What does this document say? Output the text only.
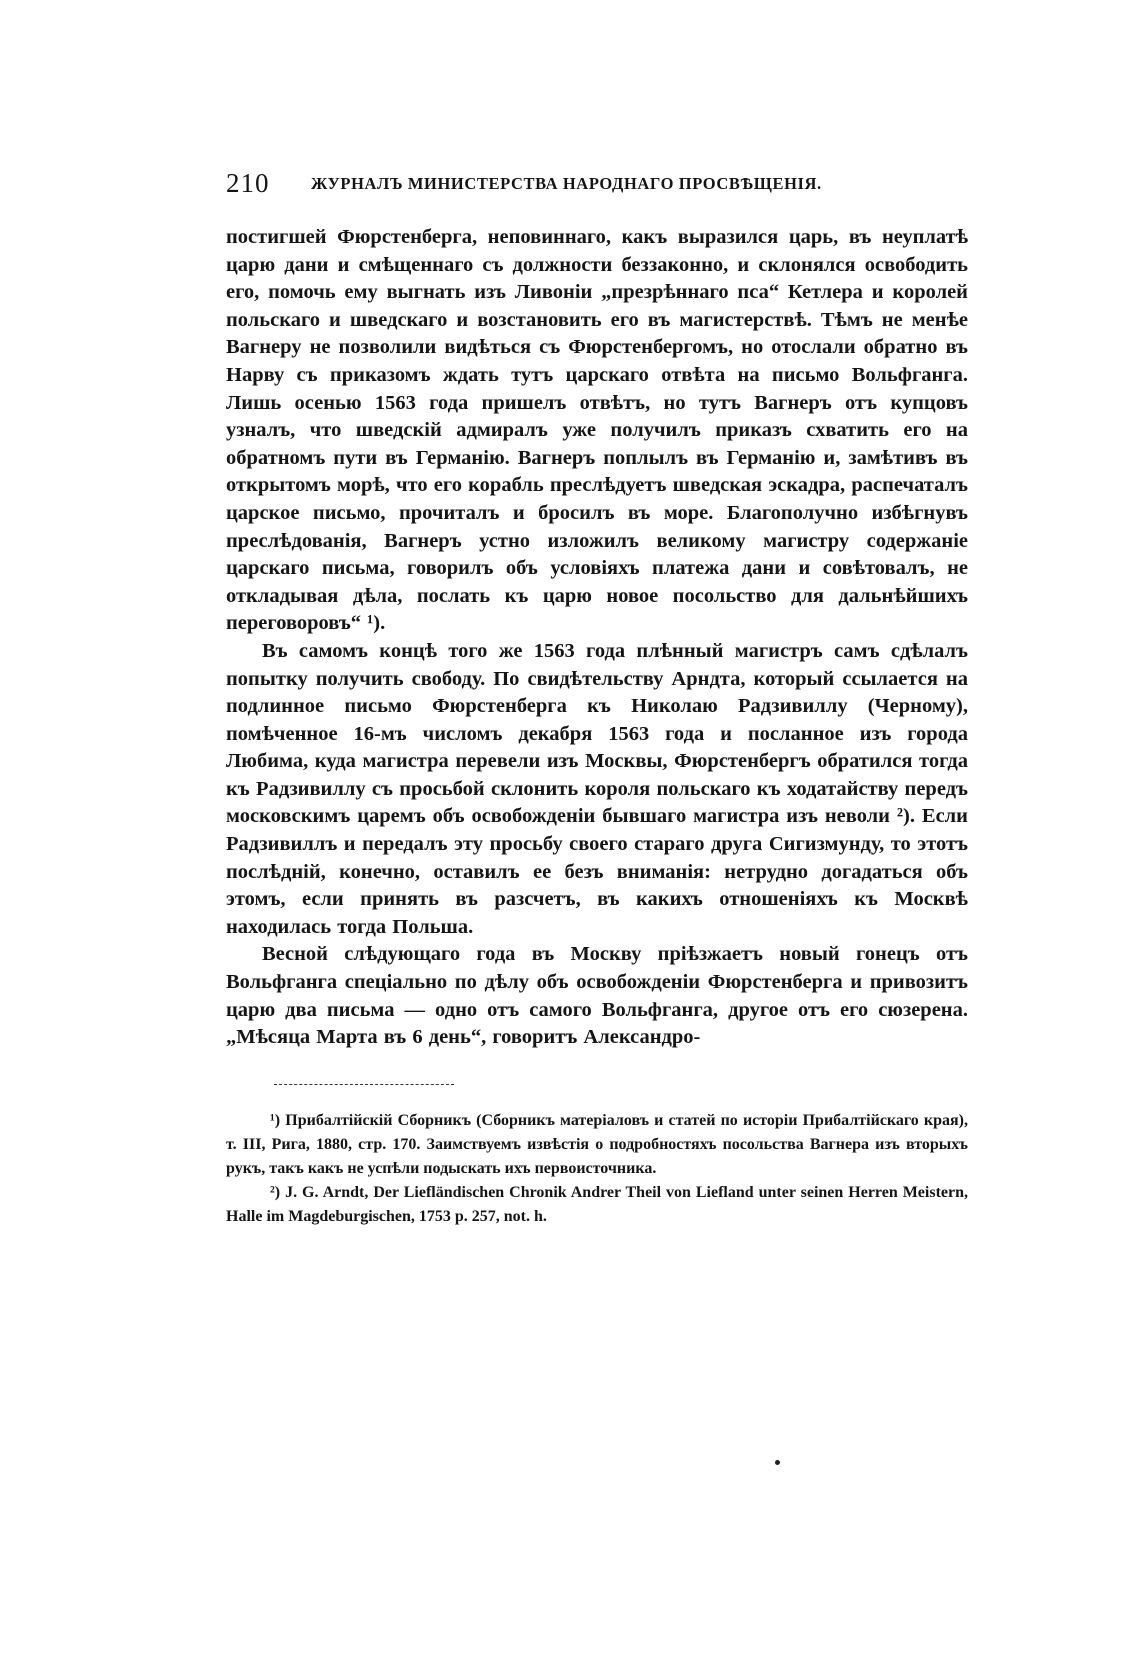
210	ЖУРНАЛЪ МИНИСТЕРСТВА НАРОДНАГО ПРОСВѢЩЕНІЯ.

постигшей Фюрстенберга, неповиннаго, какъ выразился царь, въ неуплатѣ царю дани и смѣщеннаго съ должности беззаконно, и склонялся освободить его, помочь ему выгнать изъ Ливоніи „презрѣннаго пса“ Кетлера и королей польскаго и шведскаго и возстановить его въ магистерствѣ. Тѣмъ не менѣе Вагнеру не позволили видѣться съ Фюрстенбергомъ, но отослали обратно въ Нарву съ приказомъ ждать тутъ царскаго отвѣта на письмо Вольфганга. Лишь осенью 1563 года пришелъ отвѣтъ, но тутъ Вагнеръ отъ купцовъ узналъ, что шведскій адмиралъ уже получилъ приказъ схватить его на обратномъ пути въ Германію. Вагнеръ поплылъ въ Германію и, замѣтивъ въ открытомъ морѣ, что его корабль преслѣдуетъ шведская эскадра, распечаталъ царское письмо, прочиталъ и бросилъ въ море. Благополучно избѣгнувъ преслѣдованія, Вагнеръ устно изложилъ великому магистру содержаніе царскаго письма, говорилъ объ условіяхъ платежа дани и совѣтовалъ, не откладывая дѣла, послать къ царю новое посольство для дальнѣйшихъ переговоровъ“ ¹).

Въ самомъ концѣ того же 1563 года плѣнный магистръ самъ сдѣлалъ попытку получить свободу. По свидѣтельству Арндта, который ссылается на подлинное письмо Фюрстенберга къ Николаю Радзивиллу (Черному), помѣченное 16-мъ числомъ декабря 1563 года и посланное изъ города Любима, куда магистра перевели изъ Москвы, Фюрстенбергъ обратился тогда къ Радзивиллу съ просьбой склонить короля польскаго къ ходатайству передъ московскимъ царемъ объ освобожденіи бывшаго магистра изъ неволи ²). Если Радзивиллъ и передалъ эту просьбу своего стараго друга Сигизмунду, то этотъ послѣдній, конечно, оставилъ ее безъ вниманія: нетрудно догадаться объ этомъ, если принять въ разсчетъ, въ какихъ отношеніяхъ къ Москвѣ находилась тогда Польша.

Весной слѣдующаго года въ Москву пріѣзжаетъ новый гонецъ отъ Вольфганга спеціально по дѣлу объ освобожденіи Фюрстенберга и привозитъ царю два письма — одно отъ самого Вольфганга, другое отъ его сюзерена. „Мѣсяца Марта въ 6 день“, говоритъ Александро-

¹) Прибалтійскій Сборникъ (Сборникъ матеріаловъ и статей по исторіи Прибалтійскаго края), т. III, Рига, 1880, стр. 170. Заимствуемъ извѣстія о подробностяхъ посольства Вагнера изъ вторыхъ рукъ, такъ какъ не успѣли подыскать ихъ первоисточника.

²) J. G. Arndt, Der Liefländischen Chronik Andrer Theil von Liefland unter seinen Herren Meistern, Halle im Magdeburgischen, 1753 p. 257, not. h.
